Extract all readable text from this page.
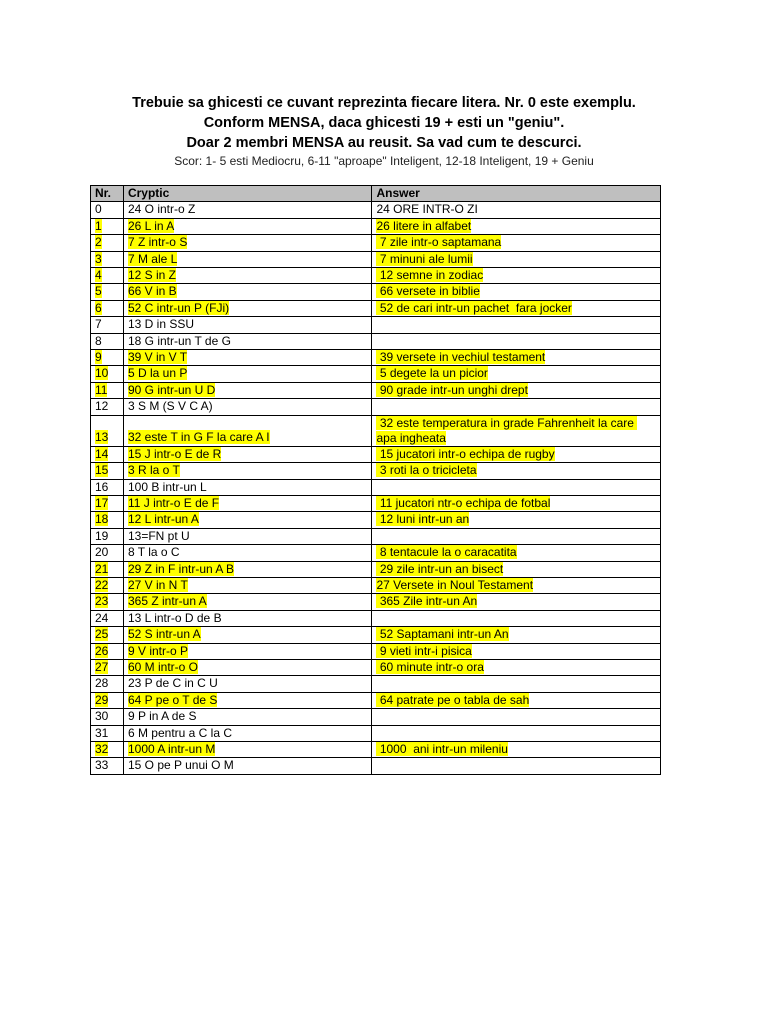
Trebuie sa ghicesti ce cuvant reprezinta fiecare litera. Nr. 0 este exemplu.
Conform MENSA, daca ghicesti 19 + esti un "geniu".
Doar 2 membri MENSA au reusit. Sa vad cum te descurci.
Scor: 1- 5 esti Mediocru, 6-11 "aproape" Inteligent, 12-18 Inteligent, 19 + Geniu
Nr.	Cryptic	Answer
0	24 O intr-o Z	24 ORE INTR-O ZI
1	26 L in A	26 litere in alfabet
2	7 Z intr-o S	7 zile intr-o saptamana
3	7 M ale L	7 minuni ale lumii
4	12 S in Z	12 semne in zodiac
5	66 V in B	66 versete in biblie
6	52 C intr-un P (FJi)	52 de cari intr-un pachet  fara jocker
7	13 D in SSU	
8	18 G intr-un T de G	
9	39 V in V T	39 versete in vechiul testament
10	5 D la un P	5 degete la un picior
11	90 G intr-un U D	90 grade intr-un unghi drept
12	3 S M (S V C A)	
13	32 este T in G F la care A I	32 este temperatura in grade Fahrenheit la care apa ingheata
14	15 J intr-o E de R	15 jucatori intr-o echipa de rugby
15	3 R la o T	3 roti la o tricicleta
16	100 B intr-un L	
17	11 J intr-o E de F	11 jucatori ntr-o echipa de fotbal
18	12 L intr-un A	12 luni intr-un an
19	13=FN pt U	
20	8 T la o C	8 tentacule la o caracatita
21	29 Z in F intr-un A B	29 zile intr-un an bisect
22	27 V in N T	27 Versete in Noul Testament
23	365 Z intr-un A	365 Zile intr-un An
24	13 L intr-o D de B	
25	52 S intr-un A	52 Saptamani intr-un An
26	9 V intr-o P	9 vieti intr-i pisica
27	60 M intr-o O	60 minute intr-o ora
28	23 P de C in C U	
29	64 P pe o T de S	64 patrate pe o tabla de sah
30	9 P in A de S	
31	6 M pentru a C la C	
32	1000 A intr-un M	1000  ani intr-un mileniu
33	15 O pe P unui O M	
